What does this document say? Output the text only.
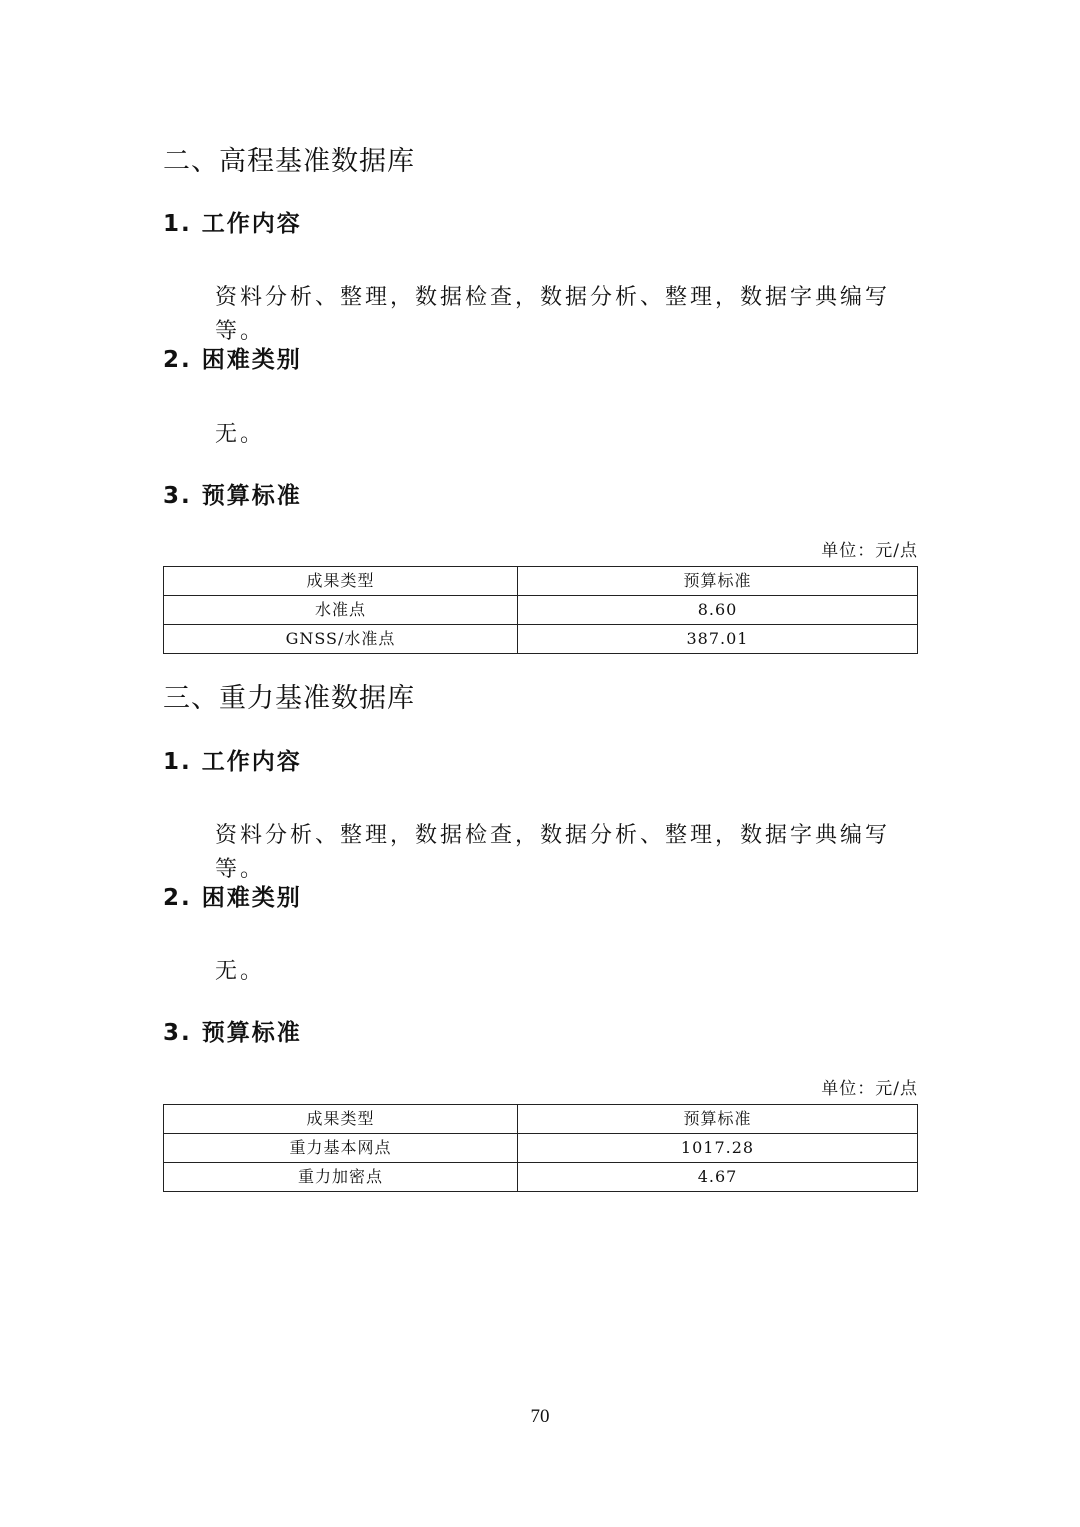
二、高程基准数据库
1. 工作内容

资料分析、整理，数据检查，数据分析、整理，数据字典编写等。

2. 困难类别

无。

3. 预算标准
单位：元/点
成果类型	预算标准
水准点	8.60
GNSS/水准点	387.01
三、重力基准数据库
1. 工作内容

资料分析、整理，数据检查，数据分析、整理，数据字典编写等。

2. 困难类别

无。

3. 预算标准
单位：元/点
成果类型	预算标准
重力基本网点	1017.28
重力加密点	4.67
70
